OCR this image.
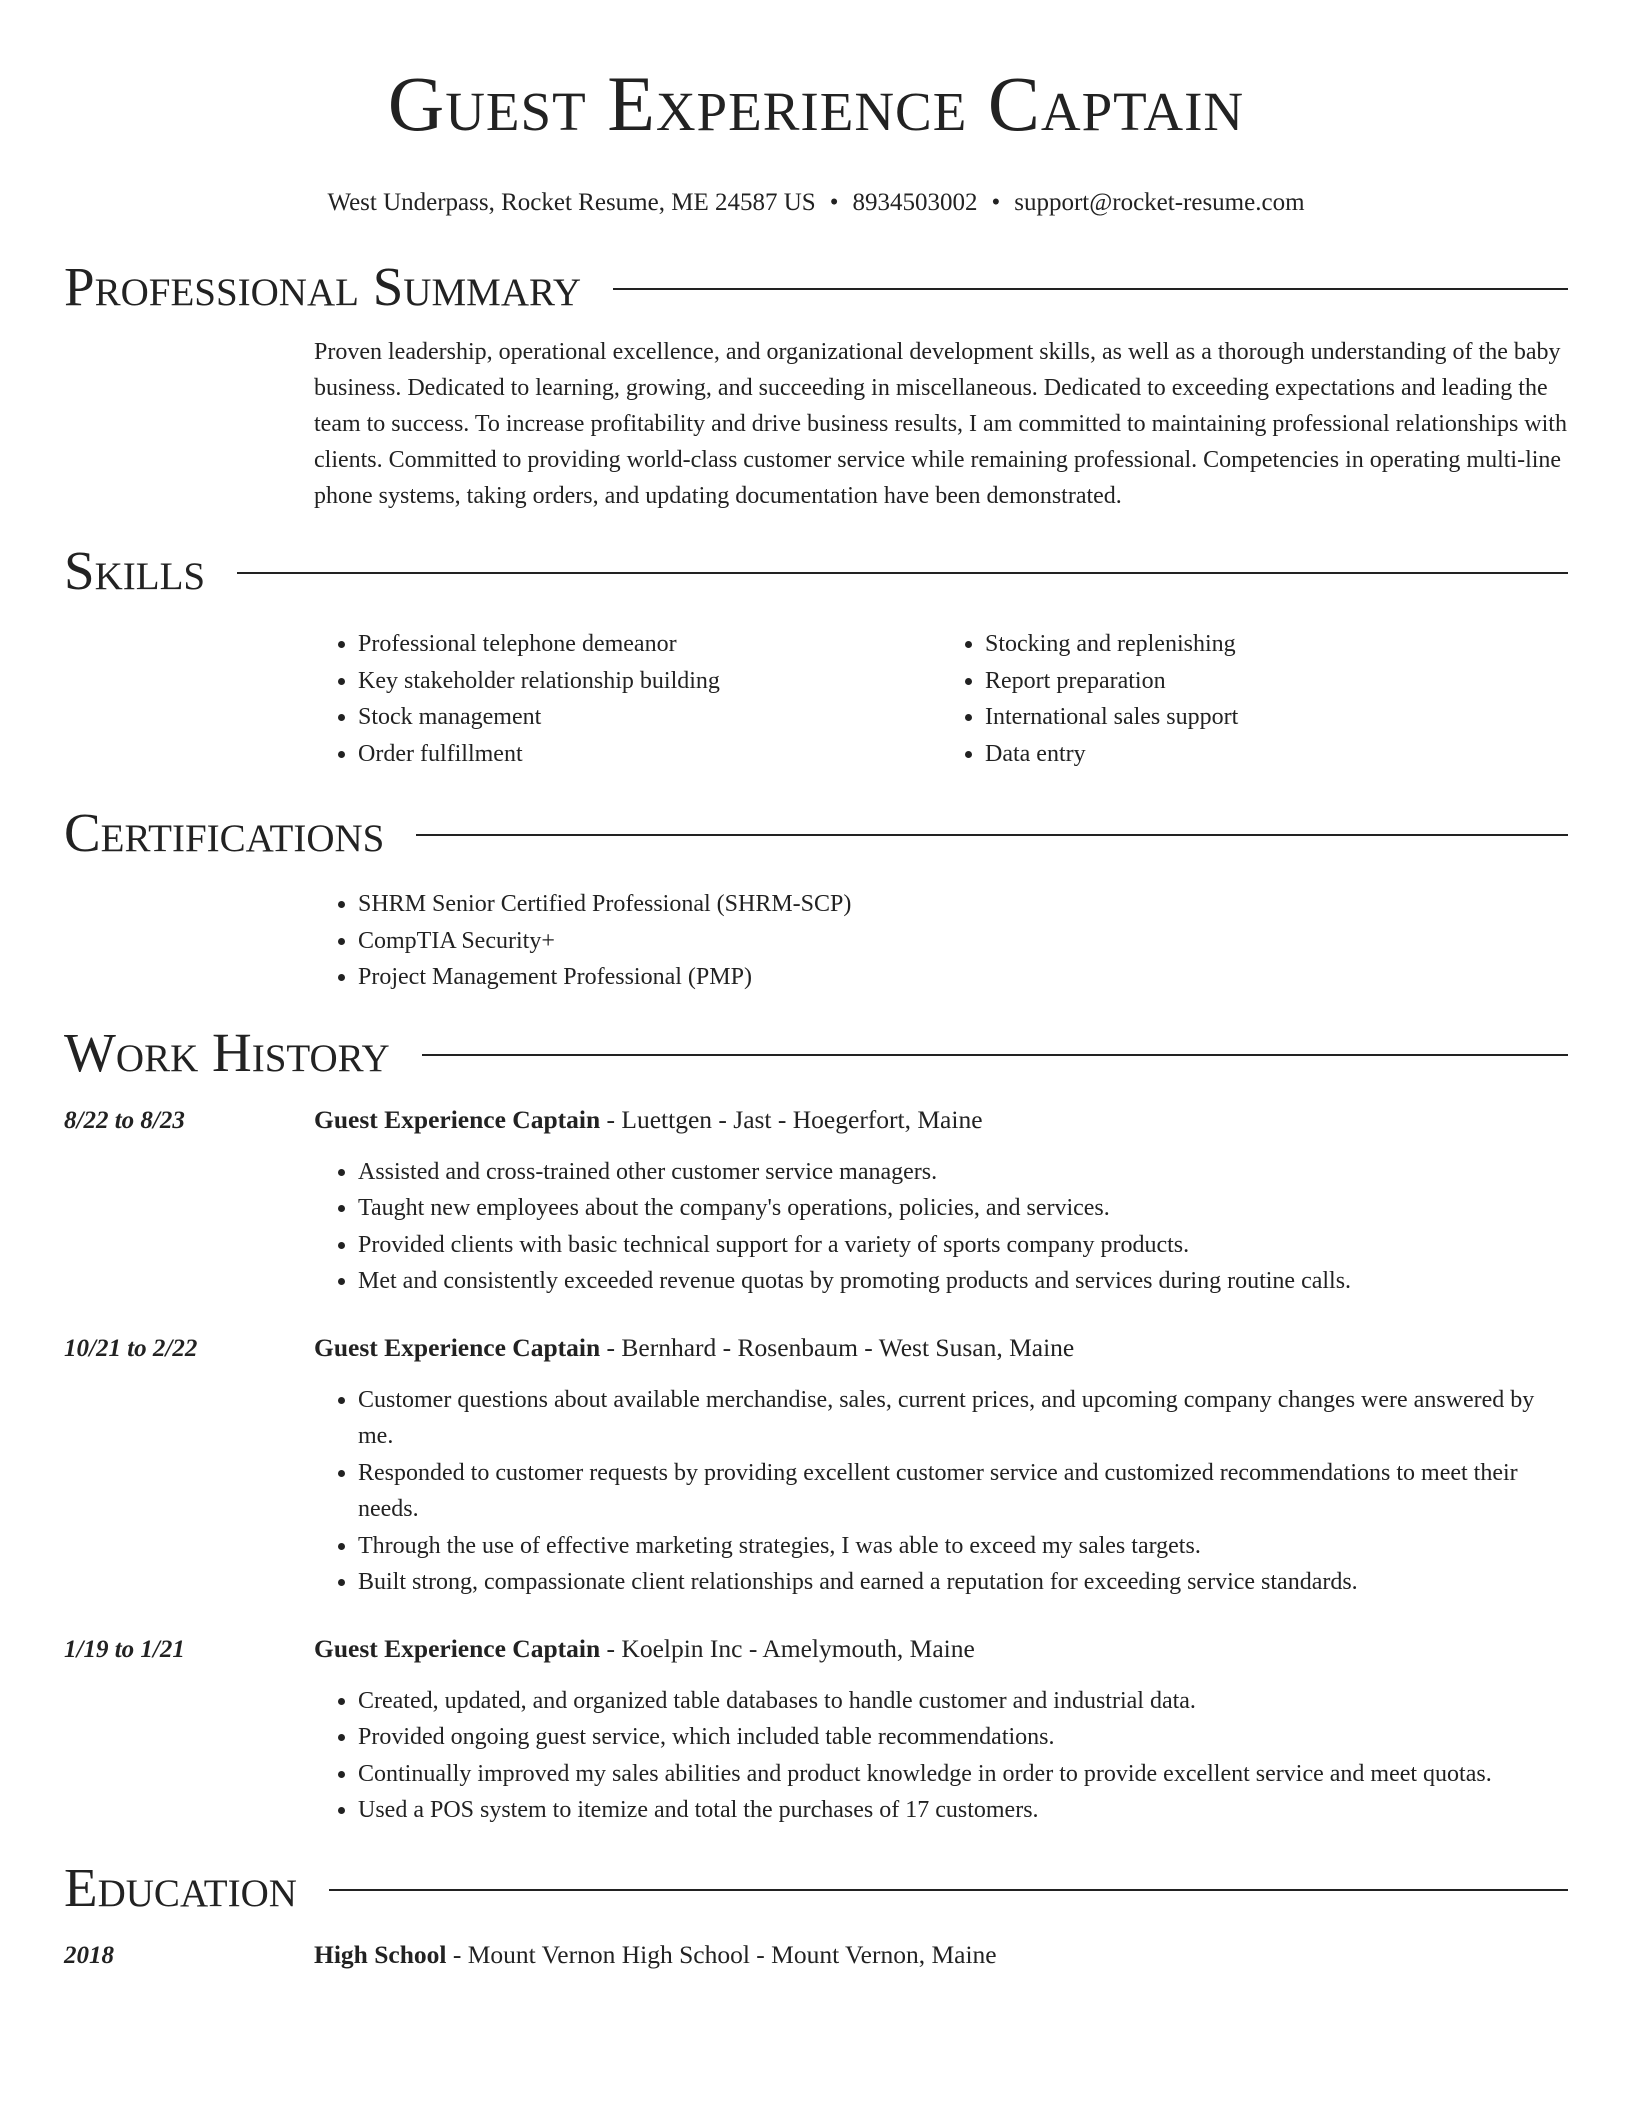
Guest Experience Captain
West Underpass, Rocket Resume, ME 24587 US • 8934503002 • support@rocket-resume.com
Professional Summary

Proven leadership, operational excellence, and organizational development skills, as well as a thorough understanding of the baby business. Dedicated to learning, growing, and succeeding in miscellaneous. Dedicated to exceeding expectations and leading the team to success. To increase profitability and drive business results, I am committed to maintaining professional relationships with clients. Committed to providing world-class customer service while remaining professional. Competencies in operating multi-line phone systems, taking orders, and updating documentation have been demonstrated.

Skills
• Professional telephone demeanor
• Key stakeholder relationship building
• Stock management
• Order fulfillment
• Stocking and replenishing
• Report preparation
• International sales support
• Data entry
Certifications
• SHRM Senior Certified Professional (SHRM-SCP)
• CompTIA Security+
• Project Management Professional (PMP)
Work History
8/22 to 8/23	Guest Experience Captain - Luettgen - Jast - Hoegerfort, Maine
• Assisted and cross-trained other customer service managers.
• Taught new employees about the company's operations, policies, and services.
• Provided clients with basic technical support for a variety of sports company products.
• Met and consistently exceeded revenue quotas by promoting products and services during routine calls.
10/21 to 2/22	Guest Experience Captain - Bernhard - Rosenbaum - West Susan, Maine
• Customer questions about available merchandise, sales, current prices, and upcoming company changes were answered by me.
• Responded to customer requests by providing excellent customer service and customized recommendations to meet their needs.
• Through the use of effective marketing strategies, I was able to exceed my sales targets.
• Built strong, compassionate client relationships and earned a reputation for exceeding service standards.
1/19 to 1/21	Guest Experience Captain - Koelpin Inc - Amelymouth, Maine
• Created, updated, and organized table databases to handle customer and industrial data.
• Provided ongoing guest service, which included table recommendations.
• Continually improved my sales abilities and product knowledge in order to provide excellent service and meet quotas.
• Used a POS system to itemize and total the purchases of 17 customers.
Education
2018	High School - Mount Vernon High School - Mount Vernon, Maine
